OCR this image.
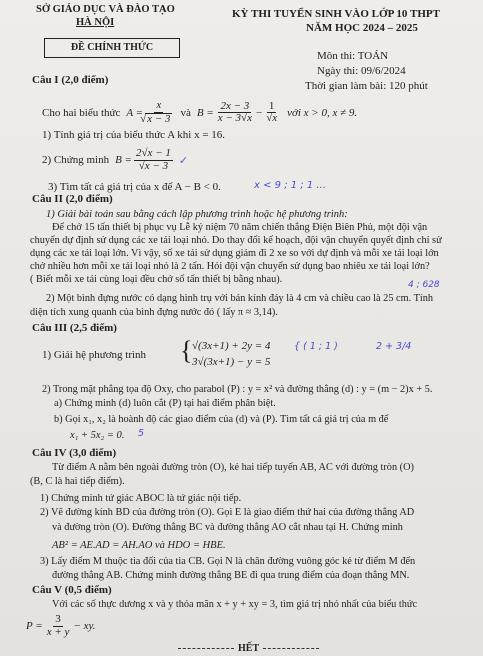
SỞ GIÁO DỤC VÀ ĐÀO TẠO
HÀ NỘI
ĐỀ CHÍNH THỨC
KỲ THI TUYỂN SINH VÀO LỚP 10 THPT
NĂM HỌC 2024 – 2025
Môn thi: TOÁN
Ngày thi: 09/6/2024
Thời gian làm bài: 120 phút
Câu I (2,0 điểm)
Cho hai biểu thức A = x
√ x − 3 và $B = \frac{2x - 3}{x - 3√x} - \frac{1}{√x}$ với x > 0, x ≠ 9.
1) Tính giá trị của biểu thức A khi x = 16.
2) Chứng minh $B = \frac{2√x - 1}{√x - 3}$ ✓
3) Tìm tất cả giá trị của x để A − B < 0.	x < 9 ; 1 ; 1 ...
Câu II (2,0 điểm)
1) Giải bài toán sau bằng cách lập phương trình hoặc hệ phương trình:
Để chở 15 tấn thiết bị phục vụ Lễ kỷ niệm 70 năm chiến thắng Điện Biên Phủ, một đội vận
chuyển dự định sử dụng các xe tải loại nhỏ. Do thay đổi kế hoạch, đội vận chuyển quyết định chỉ sử
dụng các xe tải loại lớn. Vì vậy, số xe tải sử dụng giảm đi 2 xe so với dự định và mỗi xe tải loại lớn
chở nhiều hơn mỗi xe tải loại nhỏ là 2 tấn. Hỏi đội vận chuyển sử dụng bao nhiêu xe tải loại lớn?
( Biết mỗi xe tải cùng loại đều chở số tấn thiết bị bằng nhau).
2) Một bình đựng nước có dạng hình trụ với bán kính đáy là 4 cm và chiều cao là 25 cm. Tính
diện tích xung quanh của bình đựng nước đó ( lấy π ≈ 3,14).
4 ; 628
Câu III (2,5 điểm)
1) Giải hệ phương trình { √(3x+1) + 2y = 4
3√(3x+1) − y = 5
{ ( 1 ; 1 )	2 + 3/4
2) Trong mặt phẳng tọa độ Oxy, cho parabol (P) : y = x² và đường thẳng (d) : y = (m − 2)x + 5.
a) Chứng minh (d) luôn cắt (P) tại hai điểm phân biệt.
b) Gọi x₁, x₂ là hoành độ các giao điểm của (d) và (P). Tìm tất cả giá trị của m để
x₁ + 5x₂ = 0. 5
Câu IV (3,0 điểm)
Từ điểm A nằm bên ngoài đường tròn (O), kẻ hai tiếp tuyến AB, AC với đường tròn (O)
(B, C là hai tiếp điểm).
1) Chứng minh tứ giác ABOC là tứ giác nội tiếp.
2) Vẽ đường kính BD của đường tròn (O). Gọi E là giao điểm thứ hai của đường thẳng AD
và đường tròn (O). Đường thẳng BC và đường thẳng AO cắt nhau tại H. Chứng minh
AB² = AE.AD = AH.AO và HDO = HBE.
3) Lấy điểm M thuộc tia đối của tia CB. Gọi N là chân đường vuông góc kẻ từ điểm M đến
đường thẳng AB. Chứng minh đường thẳng BE đi qua trung điểm của đoạn thẳng MN.
Câu V (0,5 điểm)
Với các số thực dương x và y thỏa mãn x + y + xy = 3, tìm giá trị nhỏ nhất của biểu thức
$P = \frac{3}{x + y}$ − xy.
HẾT
